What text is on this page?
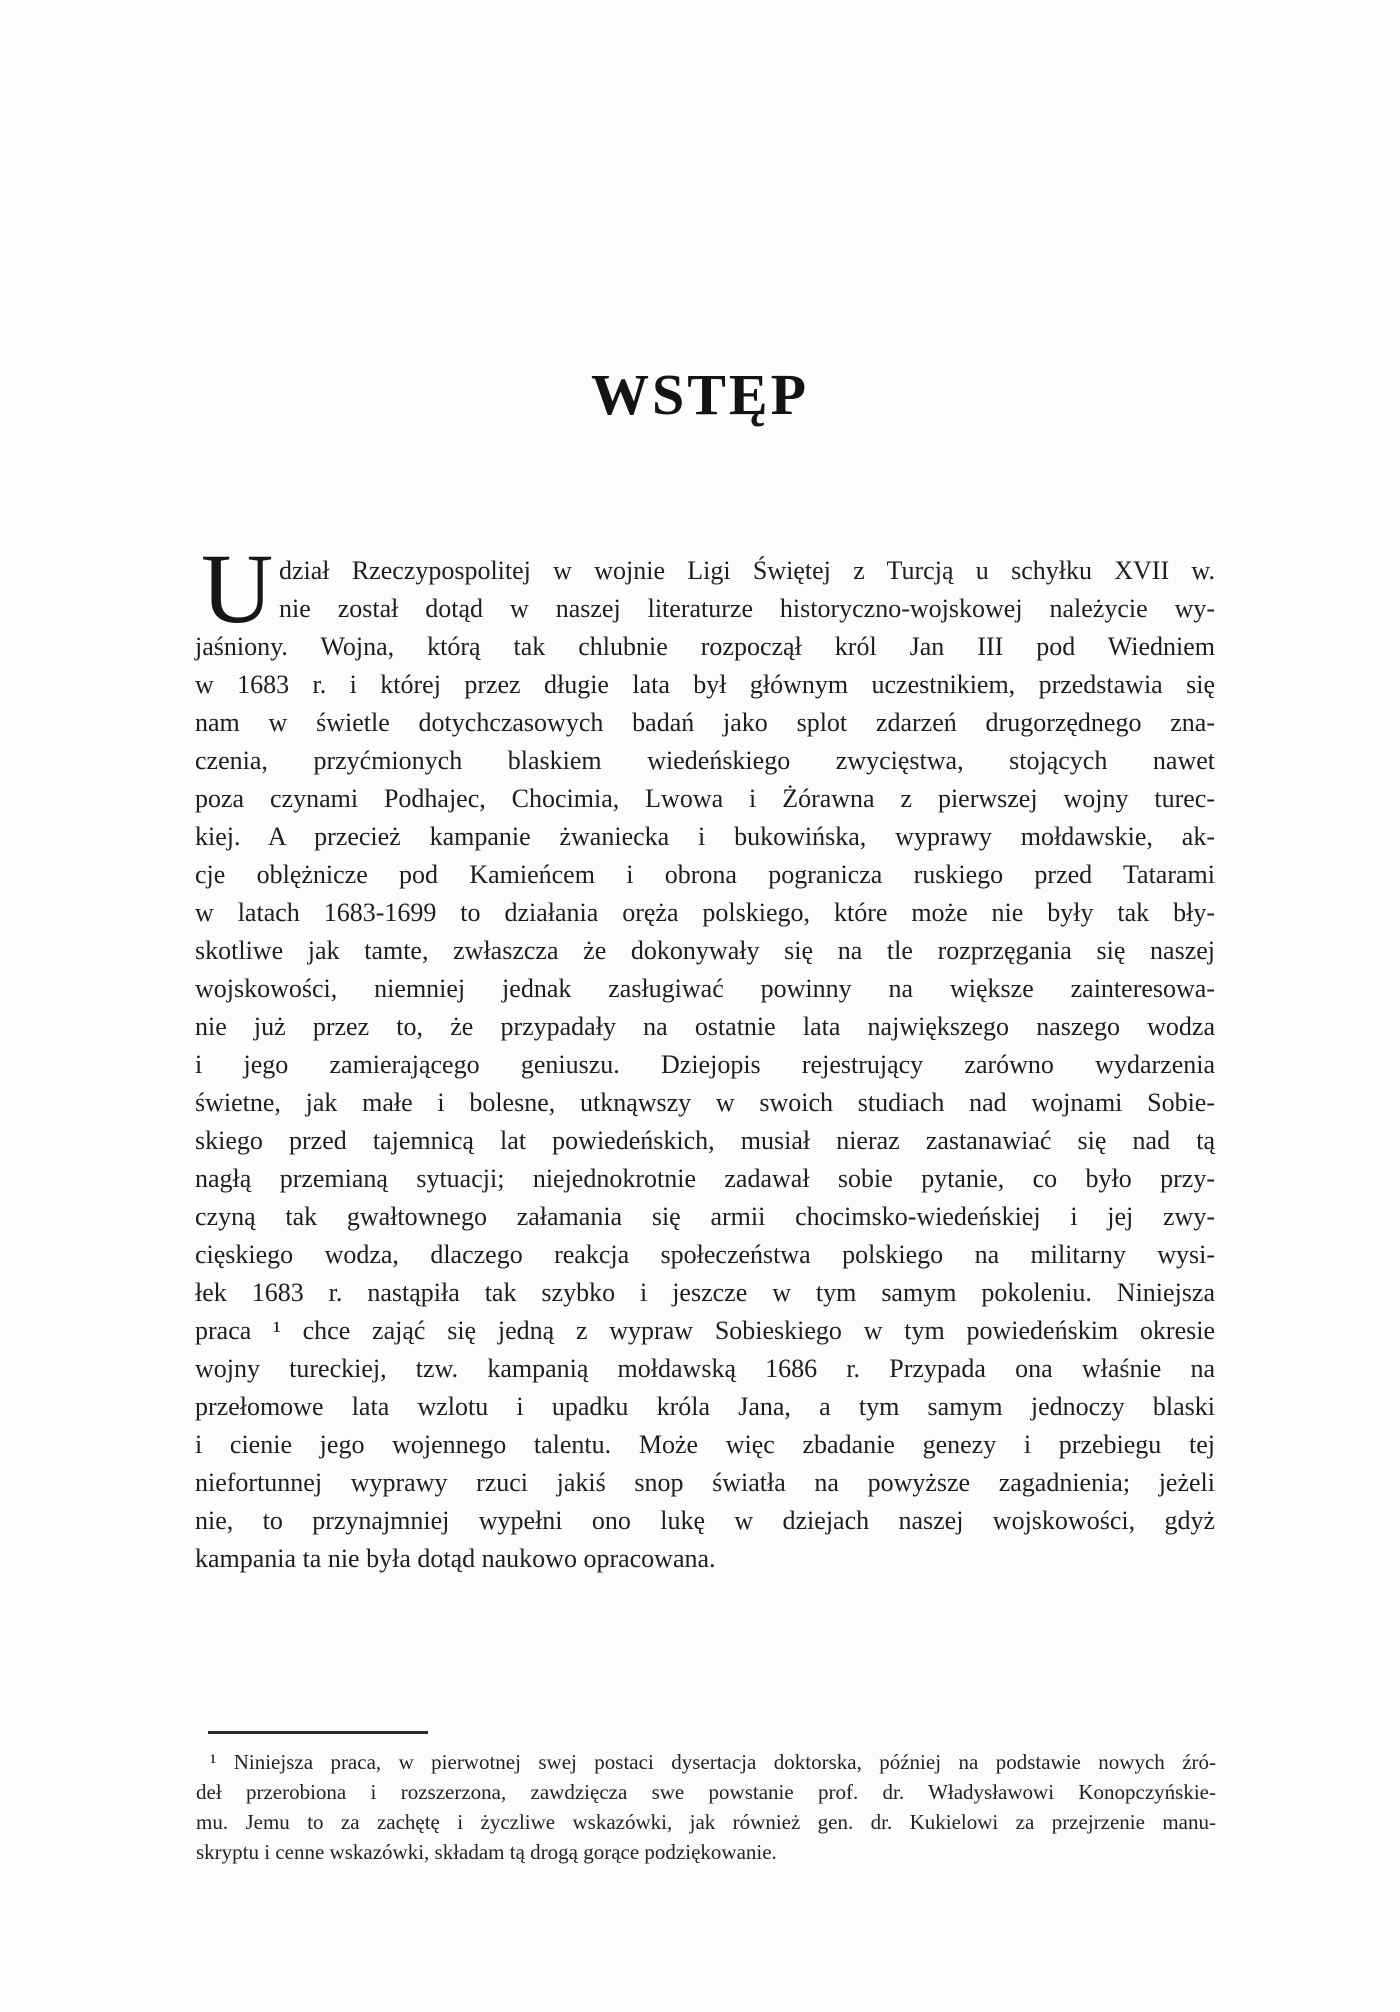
WSTĘP
U dział Rzeczypospolitej w wojnie Ligi Świętej z Turcją u schyłku XVII w.
nie został dotąd w naszej literaturze historyczno-wojskowej należycie wy-
jaśniony. Wojna, którą tak chlubnie rozpoczął król Jan III pod Wiedniem
w 1683 r. i której przez długie lata był głównym uczestnikiem, przedstawia się
nam w świetle dotychczasowych badań jako splot zdarzeń drugorzędnego zna-
czenia, przyćmionych blaskiem wiedeńskiego zwycięstwa, stojących nawet
poza czynami Podhajec, Chocimia, Lwowa i Żórawna z pierwszej wojny turec-
kiej. A przecież kampanie żwaniecka i bukowińska, wyprawy mołdawskie, ak-
cje oblężnicze pod Kamieńcem i obrona pogranicza ruskiego przed Tatarami
w latach 1683-1699 to działania oręża polskiego, które może nie były tak bły-
skotliwe jak tamte, zwłaszcza że dokonywały się na tle rozprzęgania się naszej
wojskowości, niemniej jednak zasługiwać powinny na większe zainteresowa-
nie już przez to, że przypadały na ostatnie lata największego naszego wodza
i jego zamierającego geniuszu. Dziejopis rejestrujący zarówno wydarzenia
świetne, jak małe i bolesne, utknąwszy w swoich studiach nad wojnami Sobie-
skiego przed tajemnicą lat powiedeńskich, musiał nieraz zastanawiać się nad tą
nagłą przemianą sytuacji; niejednokrotnie zadawał sobie pytanie, co było przy-
czyną tak gwałtownego załamania się armii chocimsko-wiedeńskiej i jej zwy-
cięskiego wodza, dlaczego reakcja społeczeństwa polskiego na militarny wysi-
łek 1683 r. nastąpiła tak szybko i jeszcze w tym samym pokoleniu. Niniejsza
praca ¹ chce zająć się jedną z wypraw Sobieskiego w tym powiedeńskim okresie
wojny tureckiej, tzw. kampanią mołdawską 1686 r. Przypada ona właśnie na
przełomowe lata wzlotu i upadku króla Jana, a tym samym jednoczy blaski
i cienie jego wojennego talentu. Może więc zbadanie genezy i przebiegu tej
niefortunnej wyprawy rzuci jakiś snop światła na powyższe zagadnienia; jeżeli
nie, to przynajmniej wypełni ono lukę w dziejach naszej wojskowości, gdyż
kampania ta nie była dotąd naukowo opracowana.
¹ Niniejsza praca, w pierwotnej swej postaci dysertacja doktorska, później na podstawie nowych źró-
deł przerobiona i rozszerzona, zawdzięcza swe powstanie prof. dr. Władysławowi Konopczyńskie-
mu. Jemu to za zachętę i życzliwe wskazówki, jak również gen. dr. Kukielowi za przejrzenie manu-
skryptu i cenne wskazówki, składam tą drogą gorące podziękowanie.
